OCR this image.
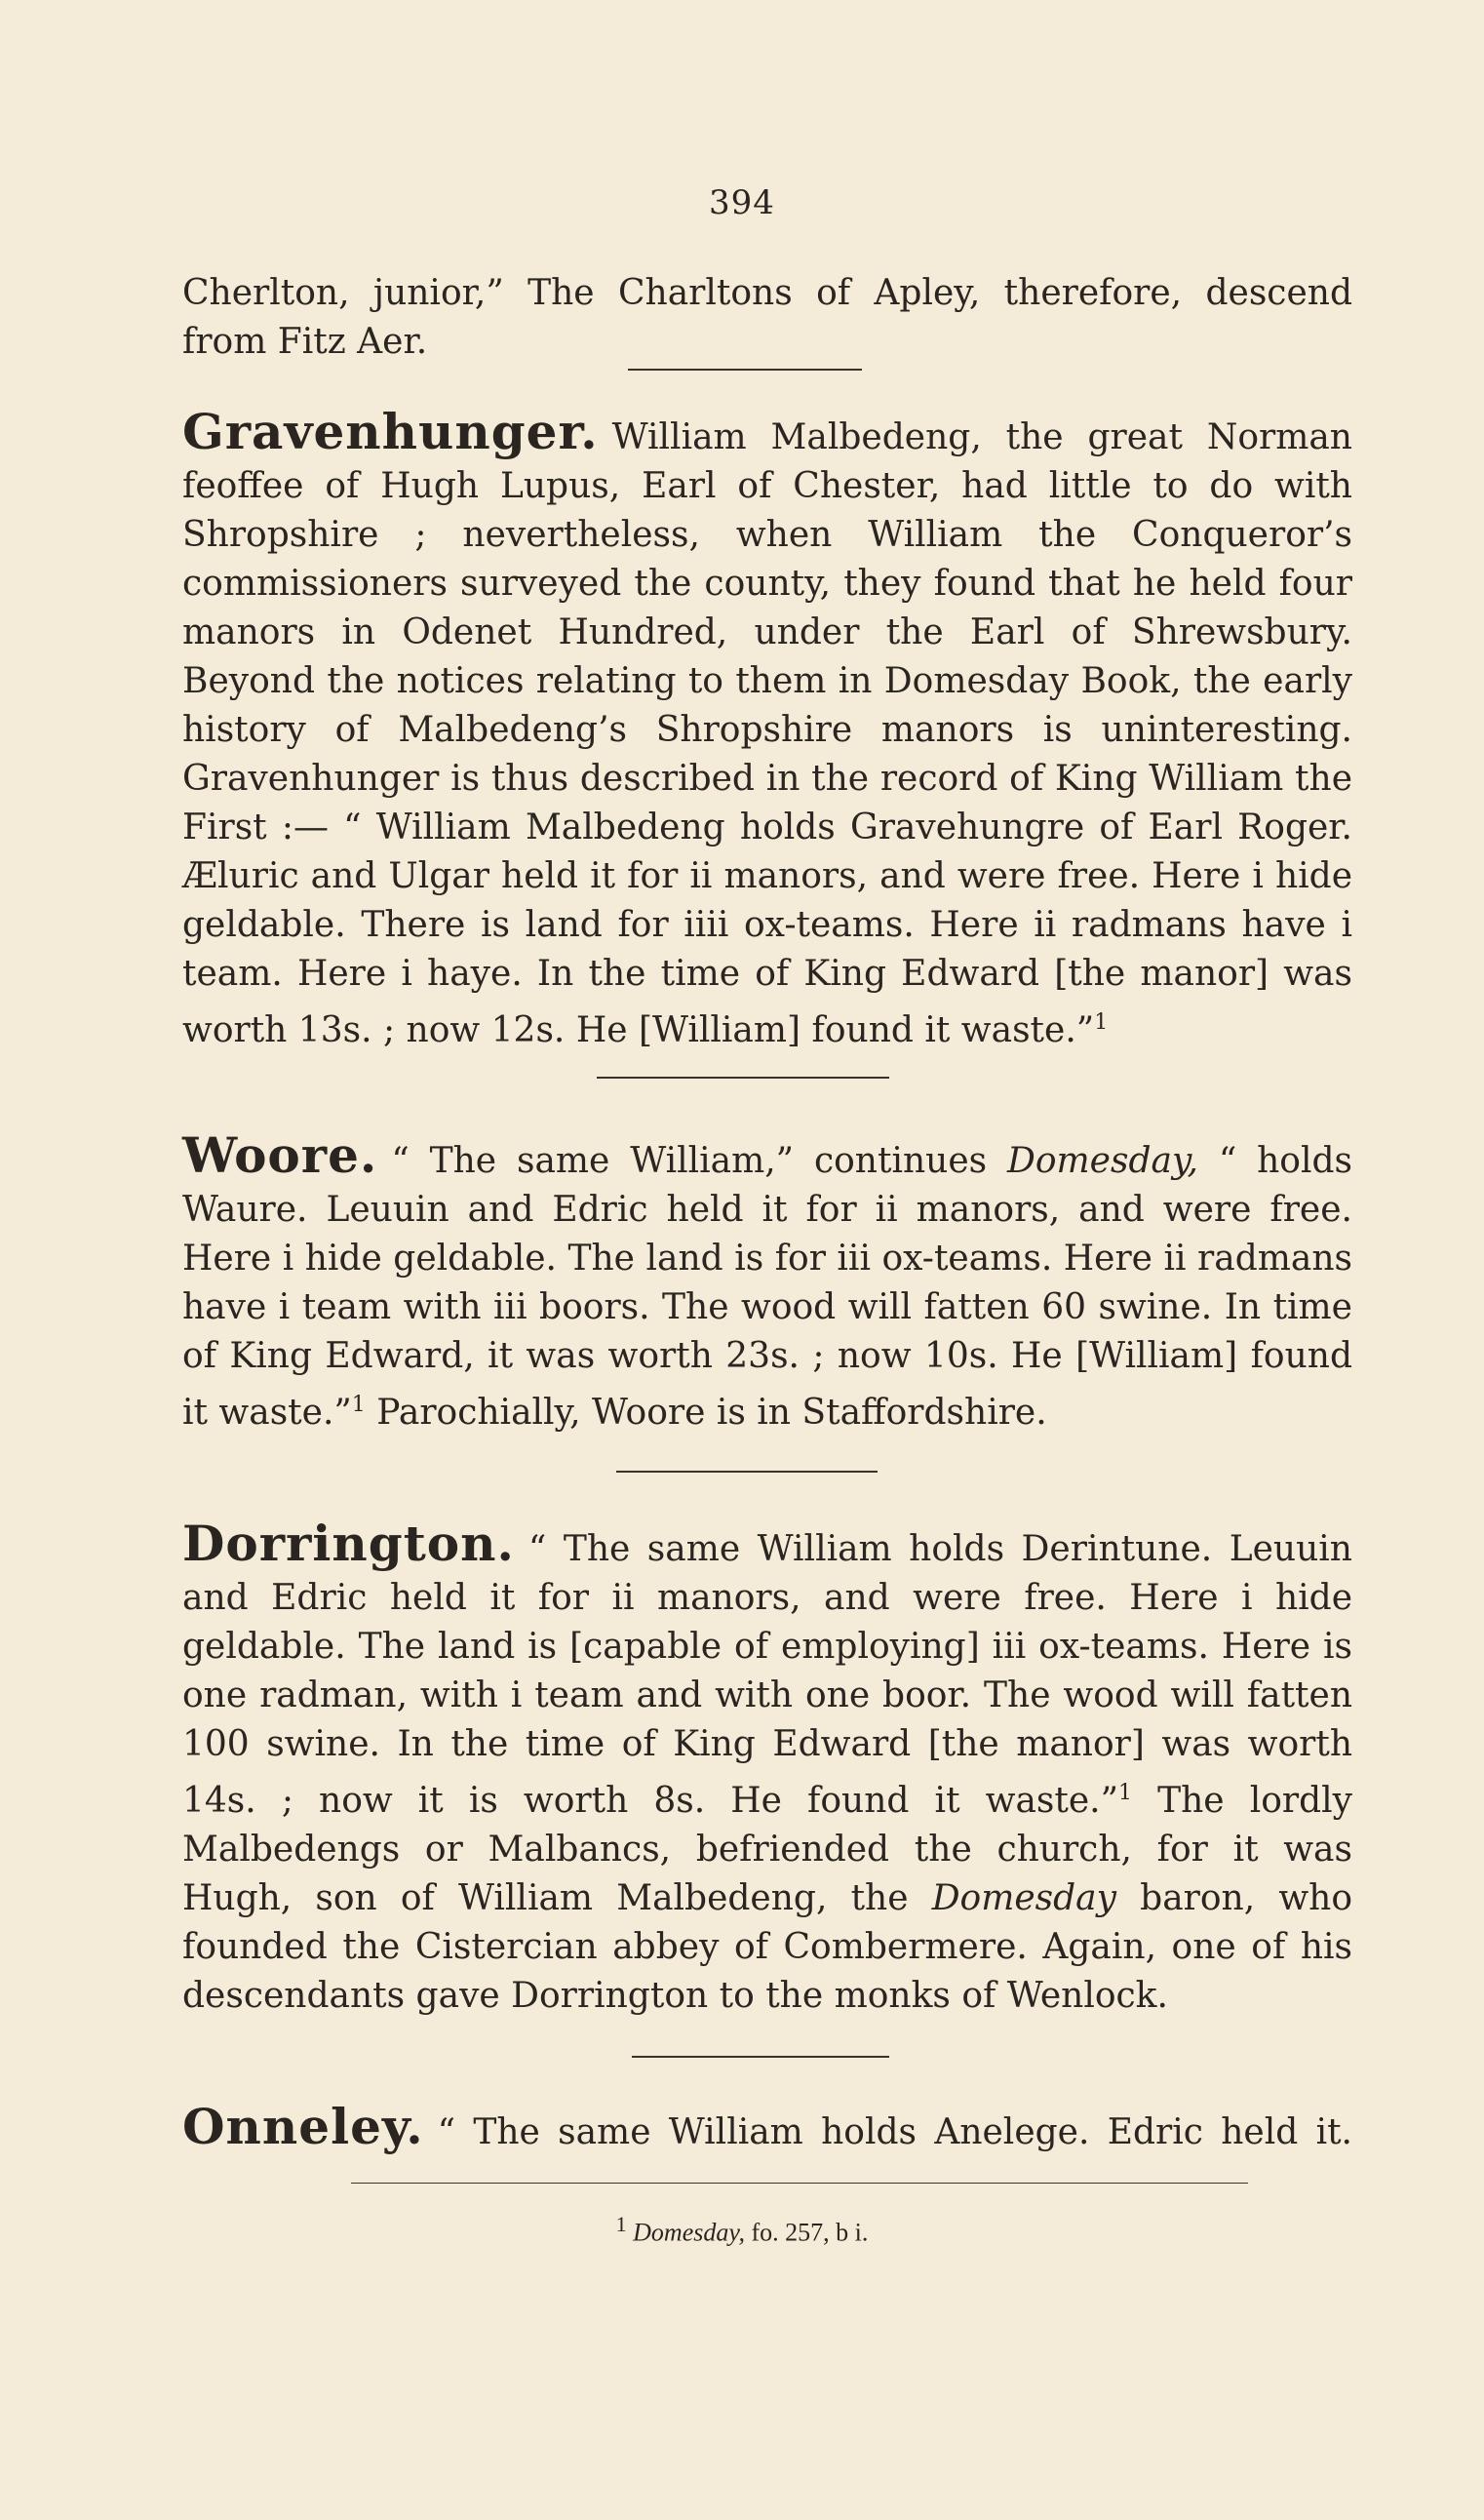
394

Cherlton, junior,” The Charltons of Apley, therefore, descend from Fitz Aer.

Gravenhunger. William Malbedeng, the great Norman feoffee of Hugh Lupus, Earl of Chester, had little to do with Shropshire ; nevertheless, when William the Conqueror’s commissioners surveyed the county, they found that he held four manors in Odenet Hundred, under the Earl of Shrewsbury. Beyond the notices relating to them in Domesday Book, the early history of Malbedeng’s Shropshire manors is uninteresting. Gravenhunger is thus described in the record of King William the First :— “ William Malbedeng holds Gravehungre of Earl Roger. Æluric and Ulgar held it for ii manors, and were free. Here i hide geldable. There is land for iiii ox-teams. Here ii radmans have i team. Here i haye. In the time of King Edward [the manor] was worth 13s. ; now 12s. He [William] found it waste.”$^1$

Woore. “ The same William,” continues Domesday, “ holds Waure. Leuuin and Edric held it for ii manors, and were free. Here i hide geldable. The land is for iii ox-teams. Here ii radmans have i team with iii boors. The wood will fatten 60 swine. In time of King Edward, it was worth 23s. ; now 10s. He [William] found it waste.”$^1$ Parochially, Woore is in Staffordshire.

Dorrington. “ The same William holds Derintune. Leuuin and Edric held it for ii manors, and were free. Here i hide geldable. The land is [capable of employing] iii ox-teams. Here is one radman, with i team and with one boor. The wood will fatten 100 swine. In the time of King Edward [the manor] was worth 14s. ; now it is worth 8s. He found it waste.”$^1$ The lordly Malbedengs or Malbancs, befriended the church, for it was Hugh, son of William Malbedeng, the Domesday baron, who founded the Cistercian abbey of Combermere. Again, one of his descendants gave Dorrington to the monks of Wenlock.

Onneley. “ The same William holds Anelege. Edric held it.

$^1$ Domesday, fo. 257, b i.
